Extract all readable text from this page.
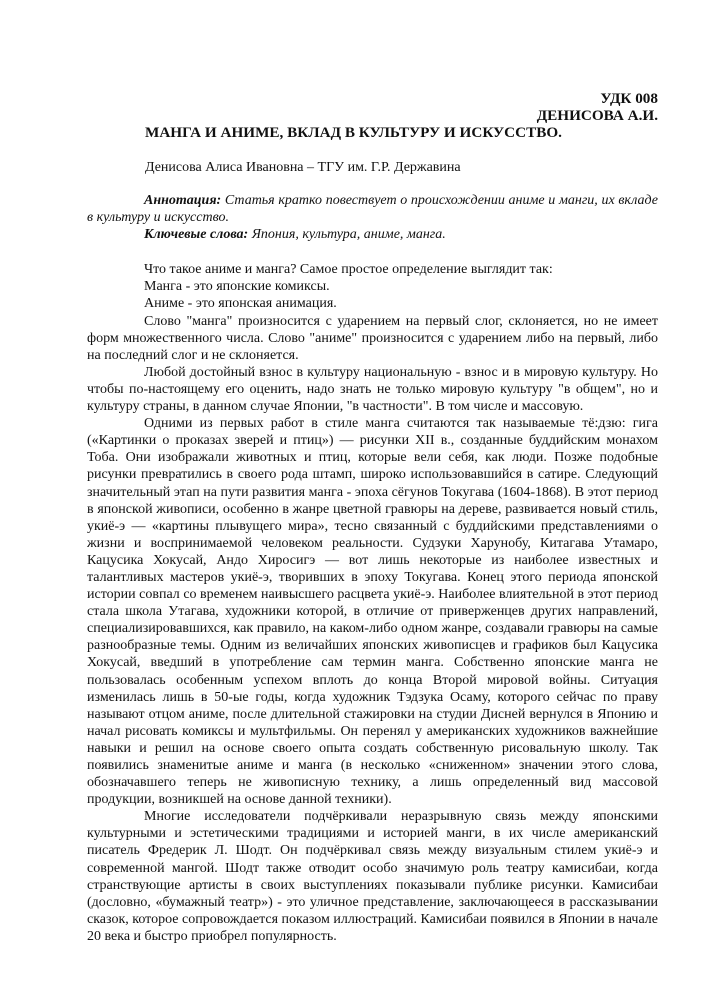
УДК 008
ДЕНИСОВА А.И.
МАНГА И АНИМЕ, ВКЛАД В КУЛЬТУРУ И ИСКУССТВО.
Денисова Алиса Ивановна – ТГУ им. Г.Р. Державина

Аннотация: Статья кратко повествует о происхождении аниме и манги, их вкладе в культуру и искусство.

Ключевые слова: Япония, культура, аниме, манга.

Что такое аниме и манга? Самое простое определение выглядит так:

Манга - это японские комиксы.

Аниме - это японская анимация.

Слово "манга" произносится с ударением на первый слог, склоняется, но не имеет форм множественного числа. Слово "аниме" произносится с ударением либо на первый, либо на последний слог и не склоняется.

Любой достойный взнос в культуру национальную - взнос и в мировую культуру. Но чтобы по-настоящему его оценить, надо знать не только мировую культуру "в общем", но и культуру страны, в данном случае Японии, "в частности". В том числе и массовую.

Одними из первых работ в стиле манга считаются так называемые тё:дзю: гига («Картинки о проказах зверей и птиц») — рисунки XII в., созданные буддийским монахом Тоба. Они изображали животных и птиц, которые вели себя, как люди. Позже подобные рисунки превратились в своего рода штамп, широко использовавшийся в сатире. Следующий значительный этап на пути развития манга - эпоха сёгунов Токугава (1604-1868). В этот период в японской живописи, особенно в жанре цветной гравюры на дереве, развивается новый стиль, укиё-э — «картины плывущего мира», тесно связанный с буддийскими представлениями о жизни и воспринимаемой человеком реальности. Судзуки Харунобу, Китагава Утамаро, Кацусика Хокусай, Андо Хиросигэ — вот лишь некоторые из наиболее известных и талантливых мастеров укиё-э, творивших в эпоху Токугава. Конец этого периода японской истории совпал со временем наивысшего расцвета укиё-э. Наиболее влиятельной в этот период стала школа Утагава, художники которой, в отличие от приверженцев других направлений, специализировавшихся, как правило, на каком-либо одном жанре, создавали гравюры на самые разнообразные темы. Одним из величайших японских живописцев и графиков был Кацусика Хокусай, введший в употребление сам термин манга. Собственно японские манга не пользовалась особенным успехом вплоть до конца Второй мировой войны. Ситуация изменилась лишь в 50-ые годы, когда художник Тэдзука Осаму, которого сейчас по праву называют отцом аниме, после длительной стажировки на студии Дисней вернулся в Японию и начал рисовать комиксы и мультфильмы. Он перенял у американских художников важнейшие навыки и решил на основе своего опыта создать собственную рисовальную школу. Так появились знаменитые аниме и манга (в несколько «сниженном» значении этого слова, обозначавшего теперь не живописную технику, а лишь определенный вид массовой продукции, возникшей на основе данной техники).

Многие исследователи подчёркивали неразрывную связь между японскими культурными и эстетическими традициями и историей манги, в их числе американский писатель Фредерик Л. Шодт. Он подчёркивал связь между визуальным стилем укиё-э и современной мангой. Шодт также отводит особо значимую роль театру камисибаи, когда странствующие артисты в своих выступлениях показывали публике рисунки. Камисибаи (дословно, «бумажный театр») - это уличное представление, заключающееся в рассказывании сказок, которое сопровождается показом иллюстраций. Камисибаи появился в Японии в начале 20 века и быстро приобрел популярность.
